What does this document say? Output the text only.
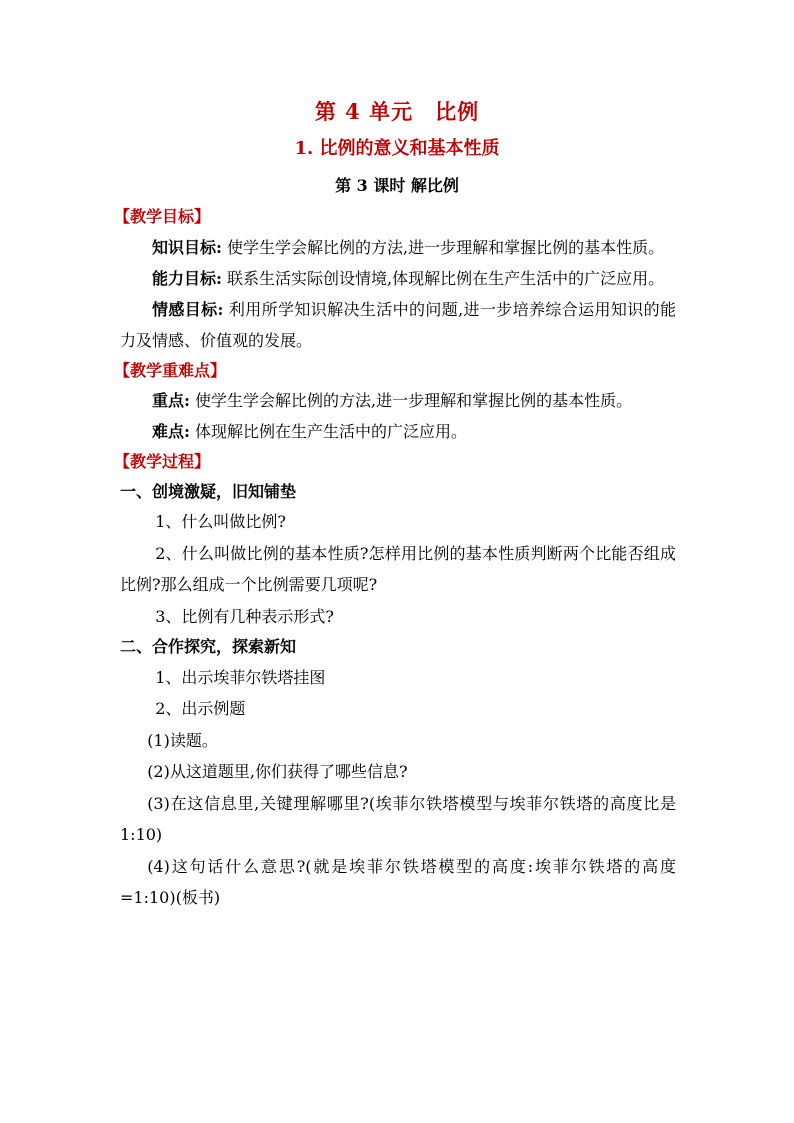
第 4 单元　比例
1. 比例的意义和基本性质
第 3 课时 解比例

【教学目标】

知识目标: 使学生学会解比例的方法,进一步理解和掌握比例的基本性质。

能力目标: 联系生活实际创设情境,体现解比例在生产生活中的广泛应用。

情感目标: 利用所学知识解决生活中的问题,进一步培养综合运用知识的能力及情感、价值观的发展。

【教学重难点】

重点: 使学生学会解比例的方法,进一步理解和掌握比例的基本性质。

难点: 体现解比例在生产生活中的广泛应用。

【教学过程】

一、创境激疑，旧知铺垫

1、什么叫做比例?

2、什么叫做比例的基本性质?怎样用比例的基本性质判断两个比能否组成比例?那么组成一个比例需要几项呢?

3、比例有几种表示形式?

二、合作探究，探索新知

1、出示埃菲尔铁塔挂图

2、出示例题

(1)读题。

(2)从这道题里,你们获得了哪些信息?

(3)在这信息里,关键理解哪里?(埃菲尔铁塔模型与埃菲尔铁塔的高度比是 1:10)

(4)这句话什么意思?(就是埃菲尔铁塔模型的高度:埃菲尔铁塔的高度=1:10)(板书)
